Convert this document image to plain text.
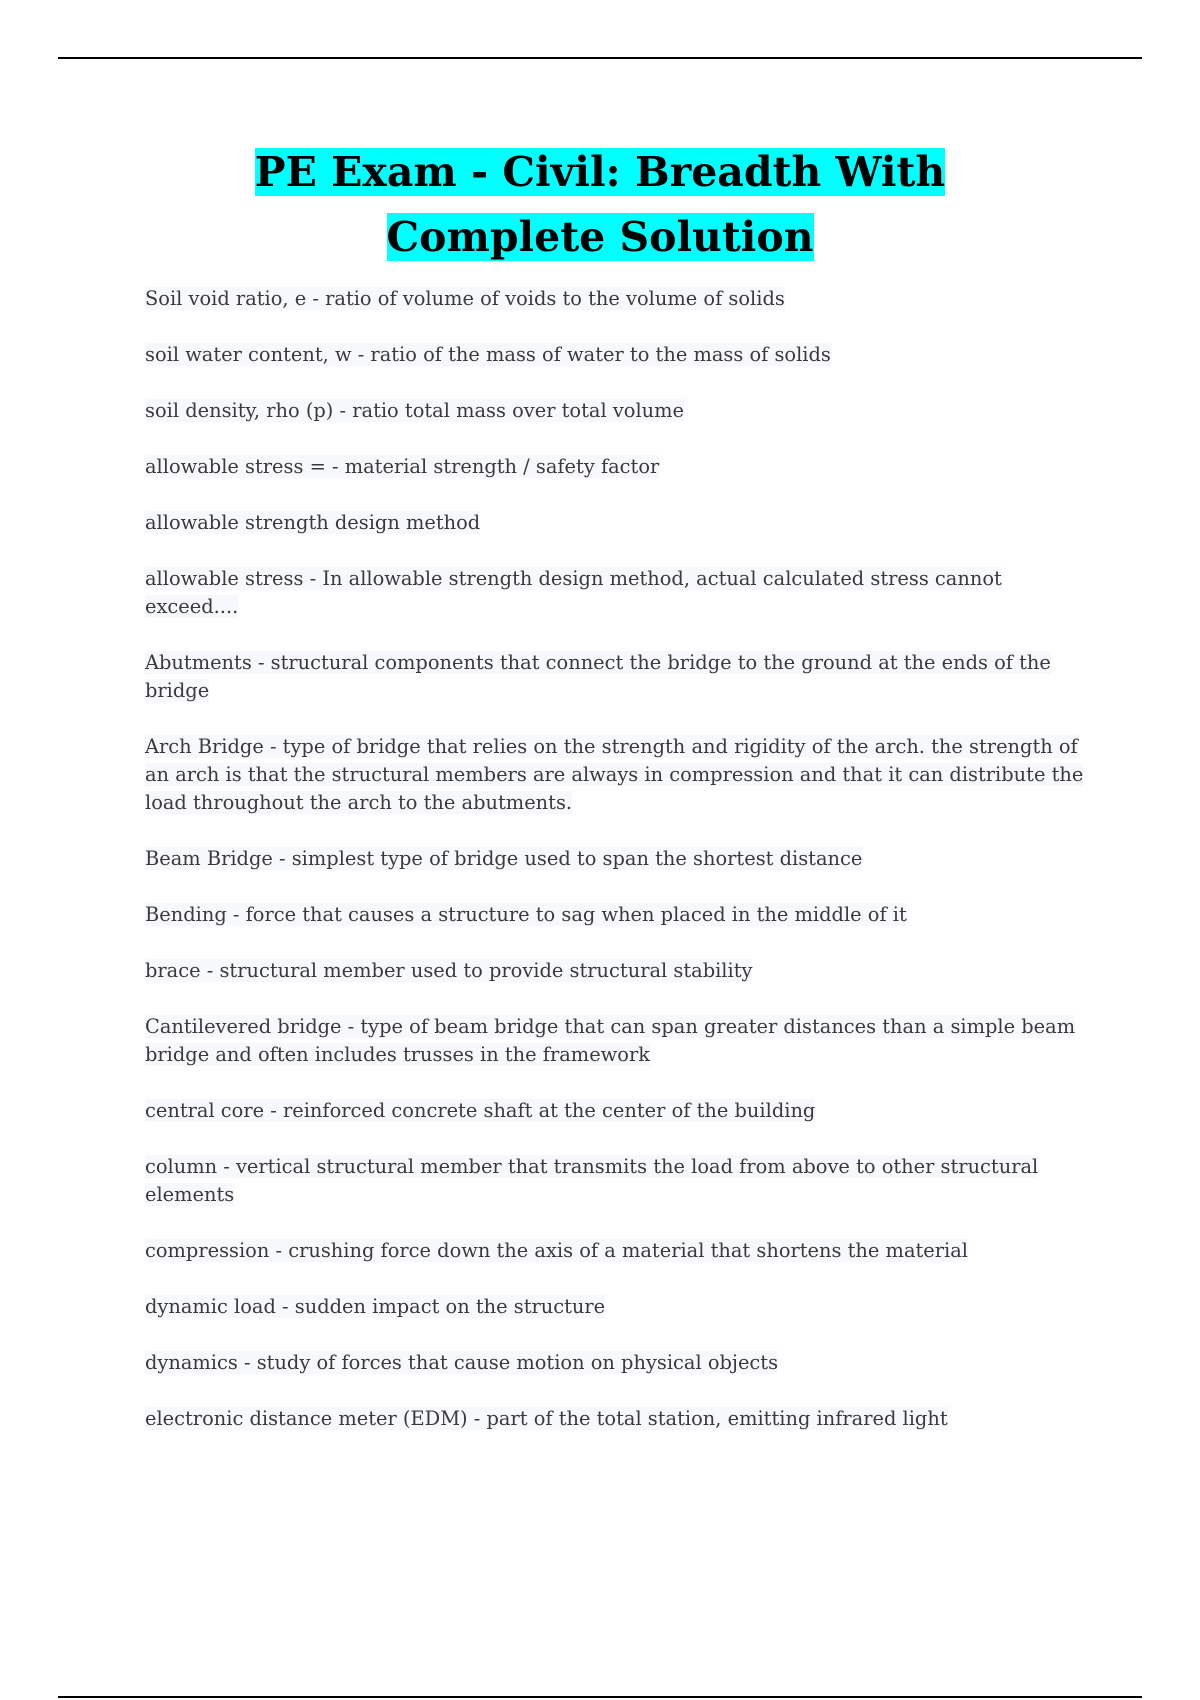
PE Exam - Civil: Breadth With Complete Solution

Soil void ratio, e - ratio of volume of voids to the volume of solids

soil water content, w - ratio of the mass of water to the mass of solids

soil density, rho (p) - ratio total mass over total volume

allowable stress = - material strength / safety factor

allowable strength design method

allowable stress - In allowable strength design method, actual calculated stress cannot exceed....

Abutments - structural components that connect the bridge to the ground at the ends of the bridge

Arch Bridge - type of bridge that relies on the strength and rigidity of the arch. the strength of an arch is that the structural members are always in compression and that it can distribute the load throughout the arch to the abutments.

Beam Bridge - simplest type of bridge used to span the shortest distance

Bending - force that causes a structure to sag when placed in the middle of it

brace - structural member used to provide structural stability

Cantilevered bridge - type of beam bridge that can span greater distances than a simple beam bridge and often includes trusses in the framework

central core - reinforced concrete shaft at the center of the building

column - vertical structural member that transmits the load from above to other structural elements

compression - crushing force down the axis of a material that shortens the material

dynamic load - sudden impact on the structure

dynamics - study of forces that cause motion on physical objects

electronic distance meter (EDM) - part of the total station, emitting infrared light
